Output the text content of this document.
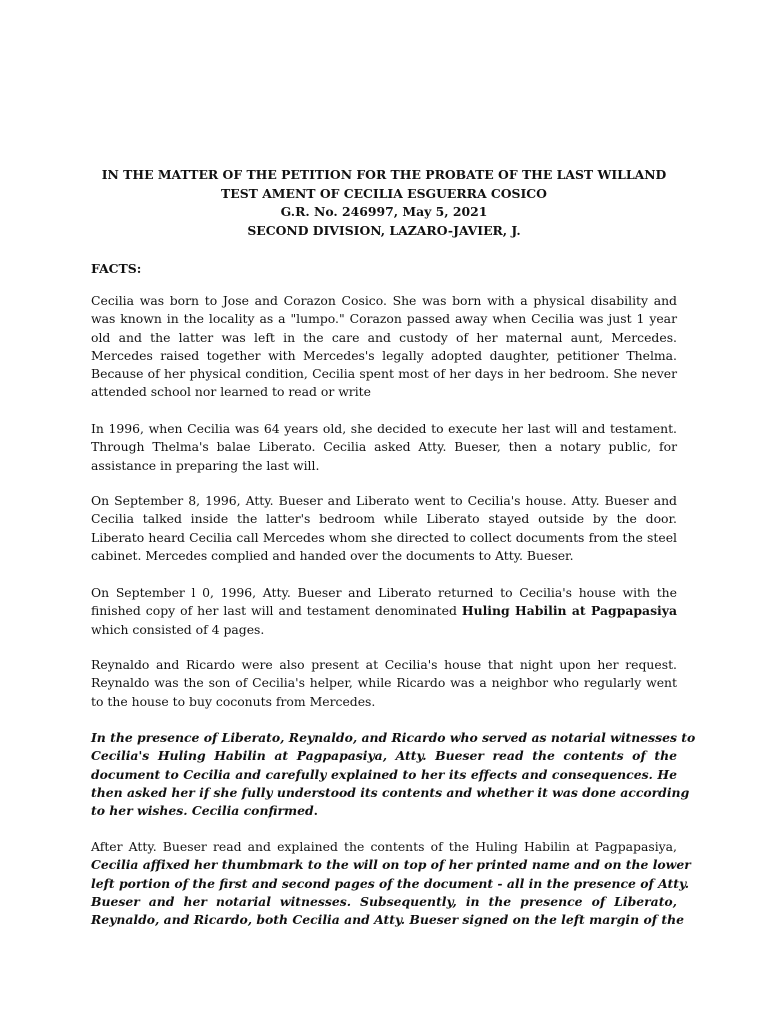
IN THE MATTER OF THE PETITION FOR THE PROBATE OF THE LAST WILLAND
TEST AMENT OF CECILIA ESGUERRA COSICO
G.R. No. 246997, May 5, 2021
SECOND DIVISION, LAZARO-JAVIER, J.
FACTS:
Cecilia was born to Jose and Corazon Cosico. She was born with a physical disability and
was known in the locality as a "lumpo." Corazon passed away when Cecilia was just 1 year
old and the latter was left in the care and custody of her maternal aunt, Mercedes.
Mercedes raised together with Mercedes's legally adopted daughter, petitioner Thelma.
Because of her physical condition, Cecilia spent most of her days in her bedroom. She never
attended school nor learned to read or write
In 1996, when Cecilia was 64 years old, she decided to execute her last will and testament.
Through Thelma's balae Liberato. Cecilia asked Atty. Bueser, then a notary public, for
assistance in preparing the last will.
On September 8, 1996, Atty. Bueser and Liberato went to Cecilia's house. Atty. Bueser and
Cecilia talked inside the latter's bedroom while Liberato stayed outside by the door.
Liberato heard Cecilia call Mercedes whom she directed to collect documents from the steel
cabinet. Mercedes complied and handed over the documents to Atty. Bueser.
On September l 0, 1996, Atty. Bueser and Liberato returned to Cecilia's house with the
finished copy of her last will and testament denominated Huling Habilin at Pagpapasiya
which consisted of 4 pages.
Reynaldo and Ricardo were also present at Cecilia's house that night upon her request.
Reynaldo was the son of Cecilia's helper, while Ricardo was a neighbor who regularly went
to the house to buy coconuts from Mercedes.
In the presence of Liberato, Reynaldo, and Ricardo who served as notarial witnesses to
Cecilia's Huling Habilin at Pagpapasiya, Atty. Bueser read the contents of the
document to Cecilia and carefully explained to her its effects and consequences. He
then asked her if she fully understood its contents and whether it was done according
to her wishes. Cecilia confirmed.
After Atty. Bueser read and explained the contents of the Huling Habilin at Pagpapasiya,
Cecilia affixed her thumbmark to the will on top of her printed name and on the lower
left portion of the first and second pages of the document - all in the presence of Atty.
Bueser and her notarial witnesses. Subsequently, in the presence of Liberato,
Reynaldo, and Ricardo, both Cecilia and Atty. Bueser signed on the left margin of the
